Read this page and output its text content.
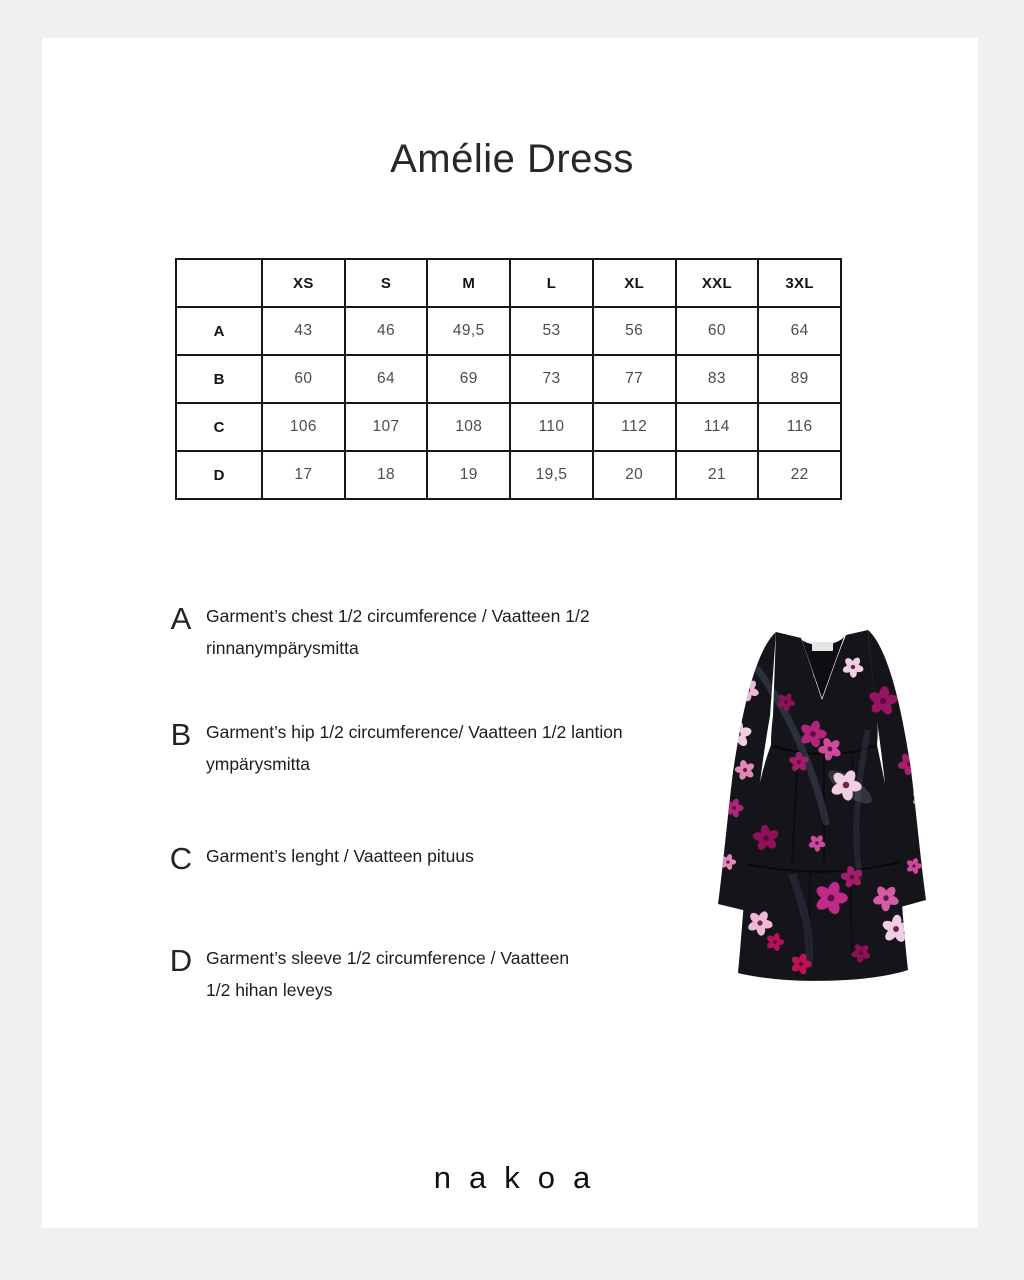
Amélie Dress
	XS	S	M	L	XL	XXL	3XL
A	43	46	49,5	53	56	60	64
B	60	64	69	73	77	83	89
C	106	107	108	110	112	114	116
D	17	18	19	19,5	20	21	22
A Garment’s chest 1/2 circumference / Vaatteen 1/2
rinnanympärysmitta
B Garment’s hip 1/2 circumference/ Vaatteen 1/2 lantion
ympärysmitta
C Garment’s lenght / Vaatteen pituus
D Garment’s sleeve 1/2 circumference / Vaatteen
1/2 hihan leveys
nakoa
